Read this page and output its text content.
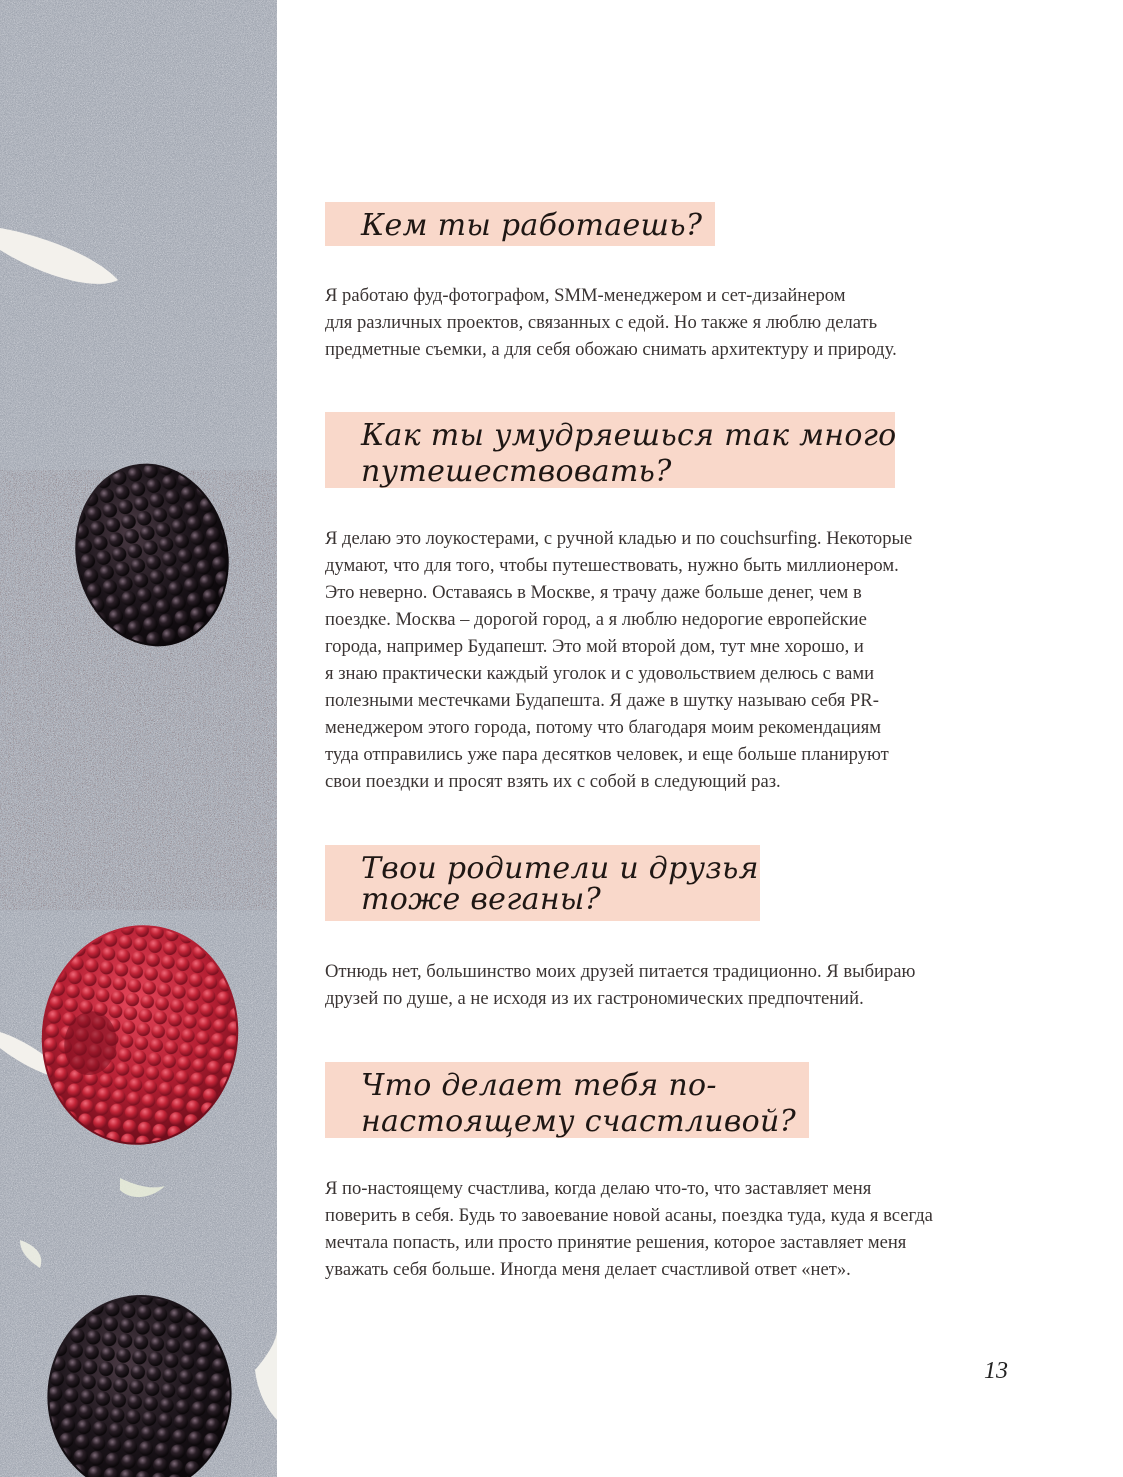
Кем ты работаешь?
Я работаю фуд-фотографом, SMM-менеджером и сет-дизайнером
для различных проектов, связанных с едой. Но также я люблю делать
предметные съемки, а для себя обожаю снимать архитектуру и природу.
Как ты умудряешься так много
путешествовать?
Я делаю это лоукостерами, с ручной кладью и по couchsurfing. Некоторые
думают, что для того, чтобы путешествовать, нужно быть миллионером.
Это неверно. Оставаясь в Москве, я трачу даже больше денег, чем в
поездке. Москва – дорогой город, а я люблю недорогие европейские
города, например Будапешт. Это мой второй дом, тут мне хорошо, и
я знаю практически каждый уголок и с удовольствием делюсь с вами
полезными местечками Будапешта. Я даже в шутку называю себя PR-
менеджером этого города, потому что благодаря моим рекомендациям
туда отправились уже пара десятков человек, и еще больше планируют
свои поездки и просят взять их с собой в следующий раз.
Твои родители и друзья
тоже веганы?
Отнюдь нет, большинство моих друзей питается традиционно. Я выбираю
друзей по душе, а не исходя из их гастрономических предпочтений.
Что делает тебя по-
настоящему счастливой?
Я по-настоящему счастлива, когда делаю что-то, что заставляет меня
поверить в себя. Будь то завоевание новой асаны, поездка туда, куда я всегда
мечтала попасть, или просто принятие решения, которое заставляет меня
уважать себя больше. Иногда меня делает счастливой ответ «нет».
13
